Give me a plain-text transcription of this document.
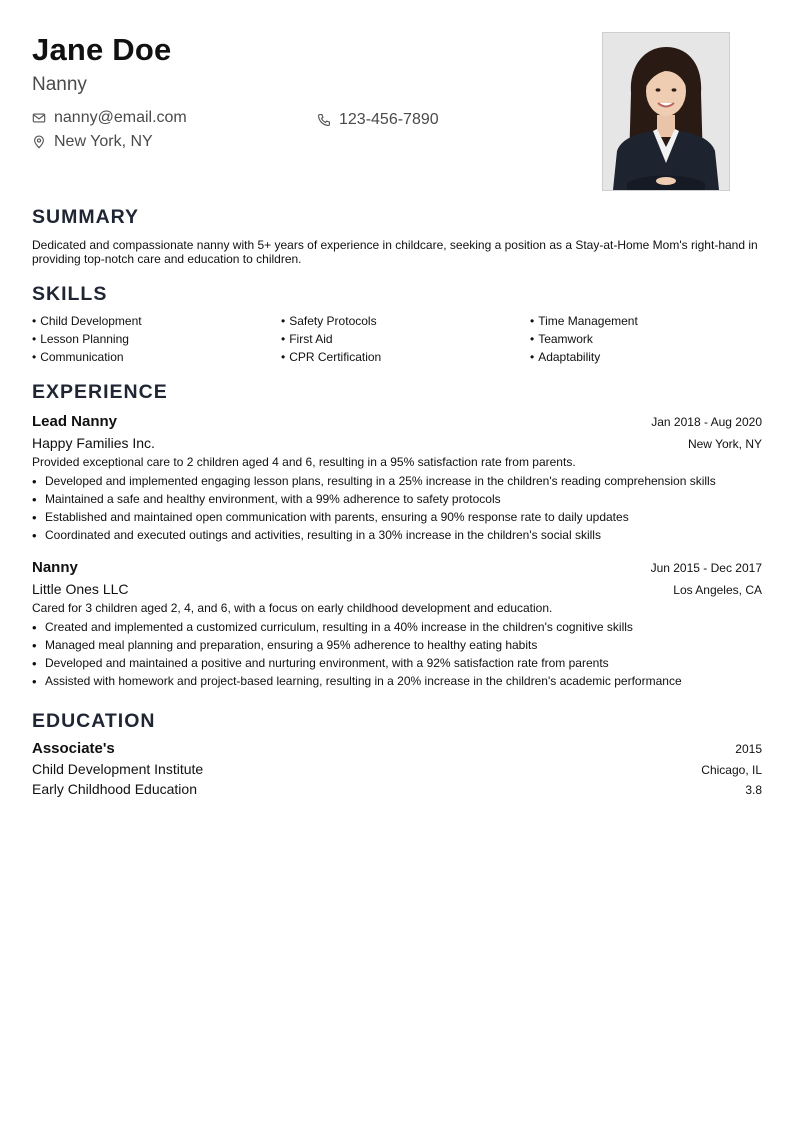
Jane Doe
Nanny
nanny@email.com
New York, NY
123-456-7890
SUMMARY
Dedicated and compassionate nanny with 5+ years of experience in childcare, seeking a position as a Stay-at-Home Mom's right-hand in providing top-notch care and education to children.
SKILLS
• Child Development	• Safety Protocols	• Time Management
• Lesson Planning	• First Aid	• Teamwork
• Communication	• CPR Certification	• Adaptability
EXPERIENCE
Lead Nanny	Jan 2018 - Aug 2020
Happy Families Inc.	New York, NY
Provided exceptional care to 2 children aged 4 and 6, resulting in a 95% satisfaction rate from parents.
• Developed and implemented engaging lesson plans, resulting in a 25% increase in the children's reading comprehension skills
• Maintained a safe and healthy environment, with a 99% adherence to safety protocols
• Established and maintained open communication with parents, ensuring a 90% response rate to daily updates
• Coordinated and executed outings and activities, resulting in a 30% increase in the children's social skills
Nanny	Jun 2015 - Dec 2017
Little Ones LLC	Los Angeles, CA
Cared for 3 children aged 2, 4, and 6, with a focus on early childhood development and education.
• Created and implemented a customized curriculum, resulting in a 40% increase in the children's cognitive skills
• Managed meal planning and preparation, ensuring a 95% adherence to healthy eating habits
• Developed and maintained a positive and nurturing environment, with a 92% satisfaction rate from parents
• Assisted with homework and project-based learning, resulting in a 20% increase in the children's academic performance
EDUCATION
Associate's	2015
Child Development Institute	Chicago, IL
Early Childhood Education	3.8
